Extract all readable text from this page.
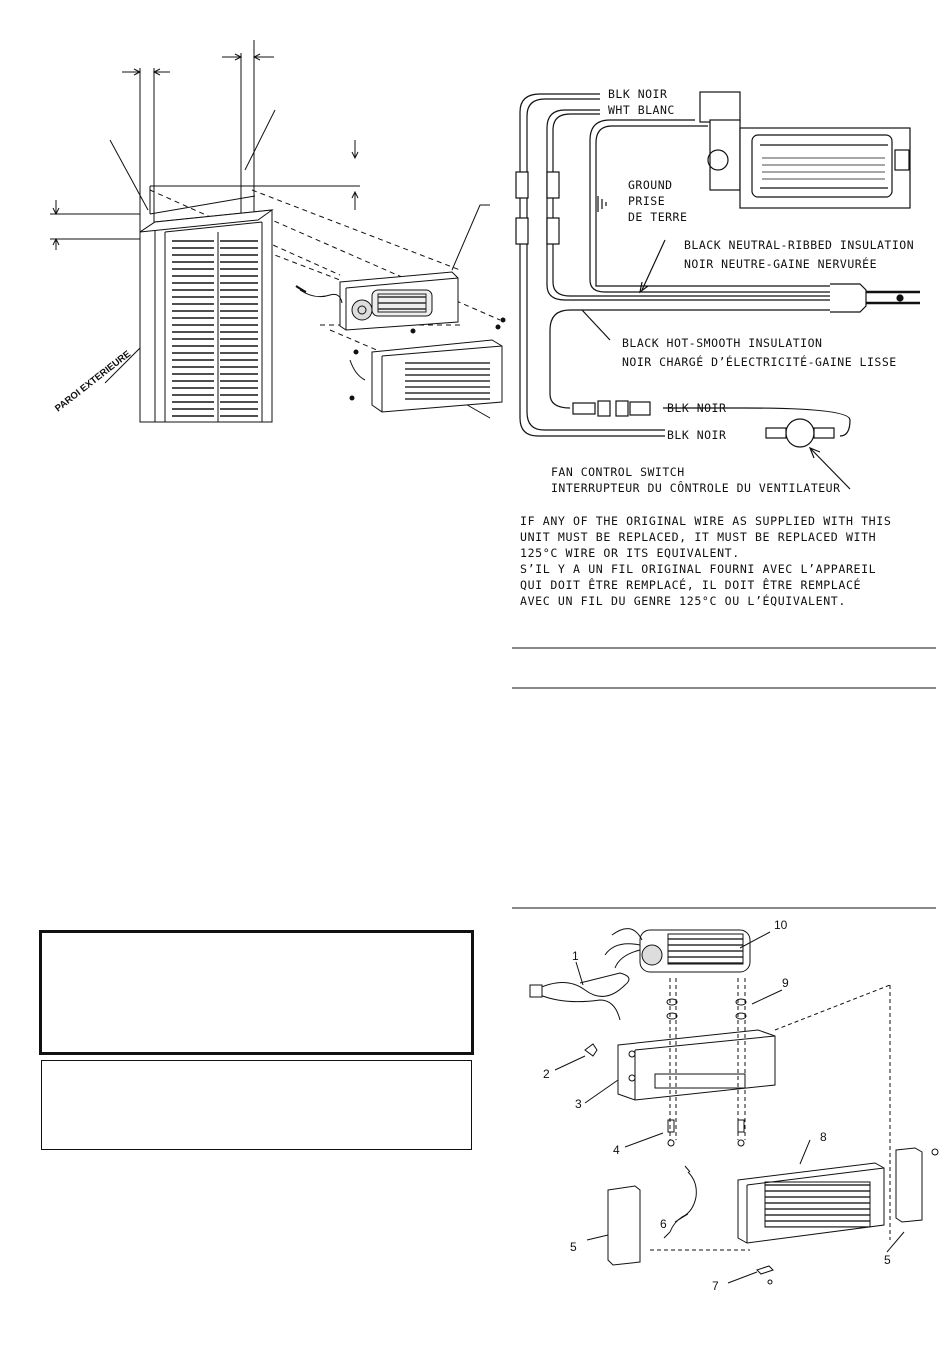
PAROI EXTERIEURE
BLK NOIR
WHT BLANC
GROUND
PRISE
DE TERRE
BLACK NEUTRAL-RIBBED INSULATION
NOIR NEUTRE-GAINE NERVURÉE
BLACK HOT-SMOOTH INSULATION
NOIR CHARGÉ D’ÉLECTRICITÉ-GAINE LISSE
BLK NOIR
BLK NOIR
FAN CONTROL SWITCH
INTERRUPTEUR DU CÔNTROLE DU VENTILATEUR
1
2
3
4
5
6
7
8
9
10
5
IF ANY OF THE ORIGINAL WIRE AS SUPPLIED WITH THIS
UNIT MUST BE REPLACED, IT MUST BE REPLACED WITH
125°C WIRE OR ITS EQUIVALENT.
S’IL Y A UN FIL ORIGINAL FOURNI AVEC L’APPAREIL
QUI DOIT ÊTRE REMPLACÉ, IL DOIT ÊTRE REMPLACÉ
AVEC UN FIL DU GENRE 125°C OU L’ÉQUIVALENT.
